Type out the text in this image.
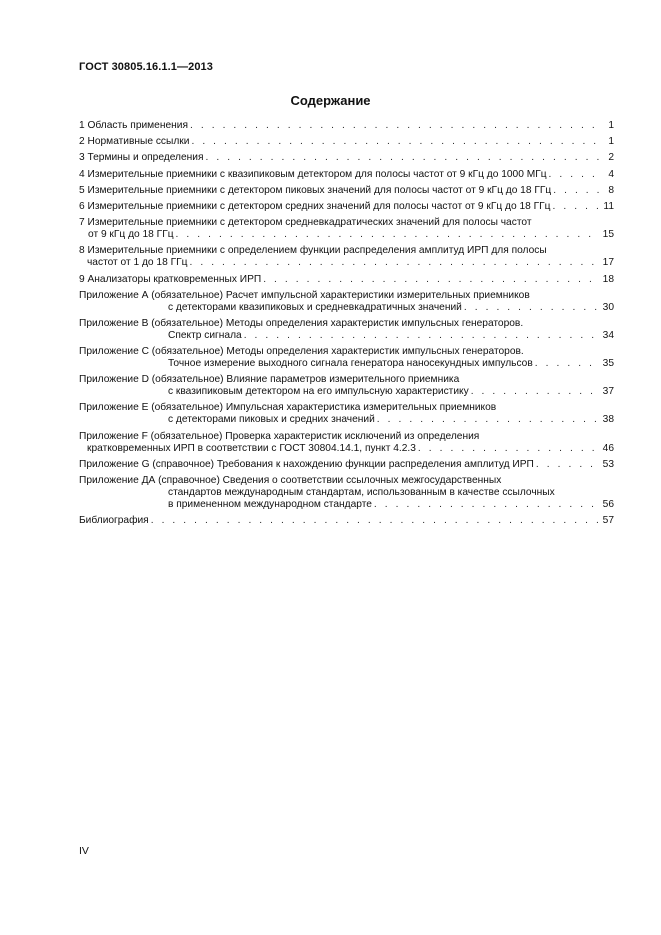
ГОСТ 30805.16.1.1—2013
Содержание
1 Область применения . . .	1
2 Нормативные ссылки . . .	1
3 Термины и определения . . .	2
4 Измерительные приемники с квазипиковым детектором для полосы частот от 9 кГц до 1000 МГц . . .	4
5 Измерительные приемники с детектором пиковых значений для полосы частот от 9 кГц до 18 ГГц . . .	8
6 Измерительные приемники с детектором средних значений для полосы частот от 9 кГц до 18 ГГц . . .	11
7 Измерительные приемники с детектором средневкадратических значений для полосы частот
от 9 кГц до 18 ГГц . . .	15
8 Измерительные приемники с определением функции распределения амплитуд ИРП для полосы
частот от 1 до 18 ГГц . . .	17
9 Анализаторы кратковременных ИРП . . .	18
Приложение А (обязательное) Расчет импульсной характеристики измерительных приемников
с детекторами квазипиковых и средневкадратичных значений . . .	30
Приложение В (обязательное) Методы определения характеристик импульсных генераторов.
Спектр сигнала . . .	34
Приложение С (обязательное) Методы определения характеристик импульсных генераторов.
Точное измерение выходного сигнала генератора наносекундных импульсов . . .	35
Приложение D (обязательное) Влияние параметров измерительного приемника
с квазипиковым детектором на его импульсную характеристику . . .	37
Приложение Е (обязательное) Импульсная характеристика измерительных приемников
с детекторами пиковых и средних значений . . .	38
Приложение F (обязательное) Проверка характеристик исключений из определения
кратковременных ИРП в соответствии с ГОСТ 30804.14.1, пункт 4.2.3 . . .	46
Приложение G (справочное) Требования к нахождению функции распределения амплитуд ИРП . . .	53
Приложение ДА (справочное) Сведения о соответствии ссылочных межгосударственных
стандартов международным стандартам, использованным в качестве ссылочных
в примененном международном стандарте . . .	56
Библиография . . .	57
IV
